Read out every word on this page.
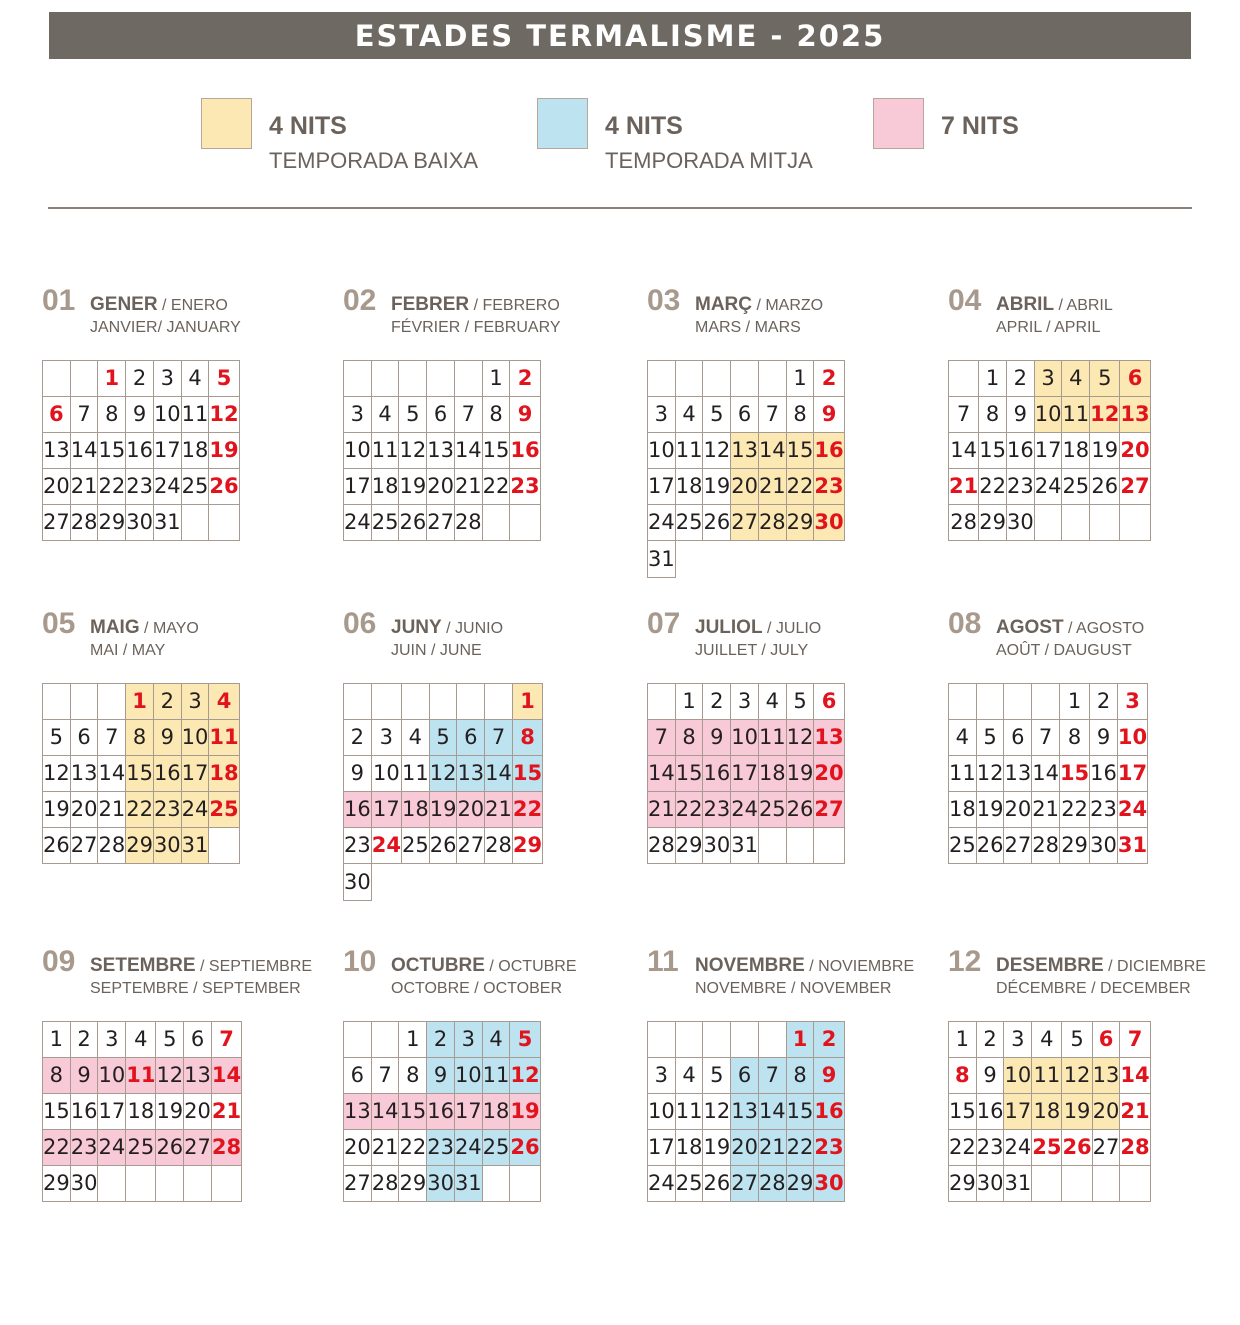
ESTADES TERMALISME - 2025
4 NITS
TEMPORADA BAIXA
4 NITS
TEMPORADA MITJA
7 NITS
01 GENER / ENERO
JANVIER/ JANUARY
		1	2	3	4	5
6	7	8	9	10	11	12
13	14	15	16	17	18	19
20	21	22	23	24	25	26
27	28	29	30	31		
02 FEBRER / FEBRERO
FÉVRIER / FEBRUARY
					1	2
3	4	5	6	7	8	9
10	11	12	13	14	15	16
17	18	19	20	21	22	23
24	25	26	27	28		
03 MARÇ / MARZO
MARS / MARS
					1	2
3	4	5	6	7	8	9
10	11	12	13	14	15	16
17	18	19	20	21	22	23
24	25	26	27	28	29	30
31						
04 ABRIL / ABRIL
APRIL / APRIL
	1	2	3	4	5	6
7	8	9	10	11	12	13
14	15	16	17	18	19	20
21	22	23	24	25	26	27
28	29	30				
05 MAIG / MAYO
MAI / MAY
			1	2	3	4
5	6	7	8	9	10	11
12	13	14	15	16	17	18
19	20	21	22	23	24	25
26	27	28	29	30	31	
06 JUNY / JUNIO
JUIN / JUNE
						1
2	3	4	5	6	7	8
9	10	11	12	13	14	15
16	17	18	19	20	21	22
23	24	25	26	27	28	29
30						
07 JULIOL / JULIO
JUILLET / JULY
	1	2	3	4	5	6
7	8	9	10	11	12	13
14	15	16	17	18	19	20
21	22	23	24	25	26	27
28	29	30	31			
08 AGOST / AGOSTO
AOÛT / DAUGUST
				1	2	3
4	5	6	7	8	9	10
11	12	13	14	15	16	17
18	19	20	21	22	23	24
25	26	27	28	29	30	31
09 SETEMBRE / SEPTIEMBRE
SEPTEMBRE / SEPTEMBER
1	2	3	4	5	6	7
8	9	10	11	12	13	14
15	16	17	18	19	20	21
22	23	24	25	26	27	28
29	30					
10 OCTUBRE / OCTUBRE
OCTOBRE / OCTOBER
		1	2	3	4	5
6	7	8	9	10	11	12
13	14	15	16	17	18	19
20	21	22	23	24	25	26
27	28	29	30	31		
11 NOVEMBRE / NOVIEMBRE
NOVEMBRE / NOVEMBER
					1	2
3	4	5	6	7	8	9
10	11	12	13	14	15	16
17	18	19	20	21	22	23
24	25	26	27	28	29	30
12 DESEMBRE / DICIEMBRE
DÉCEMBRE / DECEMBER
1	2	3	4	5	6	7
8	9	10	11	12	13	14
15	16	17	18	19	20	21
22	23	24	25	26	27	28
29	30	31				
